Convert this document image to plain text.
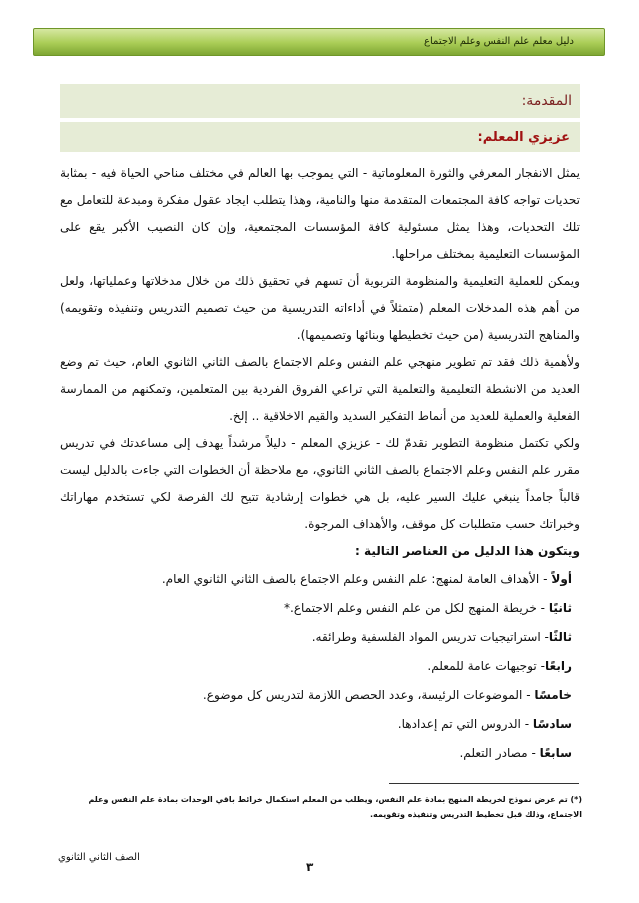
دليل معلم علم النفس وعلم الاجتماع
المقدمة:
عزيزي المعلم:

يمثل الانفجار المعرفي والثورة المعلوماتية - التي يموجب بها العالم في مختلف مناحي الحياة فيه - بمثابة تحديات تواجه كافة المجتمعات المتقدمة منها والنامية، وهذا يتطلب ايجاد عقول مفكرة ومبدعة للتعامل مع تلك التحديات، وهذا يمثل مسئولية كافة المؤسسات المجتمعية، وإن كان النصيب الأكبر يقع على المؤسسات التعليمية بمختلف مراحلها.

ويمكن للعملية التعليمية والمنظومة التربوية أن تسهم في تحقيق ذلك من خلال مدخلاتها وعملياتها، ولعل من أهم هذه المدخلات المعلم (متمثلاً في أداءاته التدريسية من حيث تصميم التدريس وتنفيذه وتقويمه) والمناهج التدريسية (من حيث تخطيطها وبنائها وتصميمها).

ولأهمية ذلك فقد تم تطوير منهجي علم النفس وعلم الاجتماع بالصف الثاني الثانوي العام، حيث تم وضع العديد من الانشطة التعليمية والتعلمية التي تراعي الفروق الفردية بين المتعلمين، وتمكنهم من الممارسة الفعلية والعملية للعديد من أنماط التفكير السديد والقيم الاخلاقية .. إلخ.

ولكي تكتمل منظومة التطوير نقدمّ لك - عزيزي المعلم - دليلاً مرشداً يهدف إلى مساعدتك في تدريس مقرر علم النفس وعلم الاجتماع بالصف الثاني الثانوي، مع ملاحظة أن الخطوات التي جاءت بالدليل ليست قالباً جامداً ينبغي عليك السير عليه، بل هي خطوات إرشادية تتيح لك الفرصة لكي تستخدم مهاراتك وخبراتك حسب متطلبات كل موقف، والأهداف المرجوة.

ويتكون هذا الدليل من العناصر التالية :

أولاً - الأهداف العامة لمنهج: علم النفس وعلم الاجتماع بالصف الثاني الثانوي العام.

ثانيًا - خريطة المنهج لكل من علم النفس وعلم الاجتماع.*

ثالثًا- استراتيجيات تدريس المواد الفلسفية وطرائقه.

رابعًا- توجيهات عامة للمعلم.

خامسًا - الموضوعات الرئيسة، وعدد الحصص اللازمة لتدريس كل موضوع.

سادسًا - الدروس التي تم إعدادها.

سابعًا - مصادر التعلم.

(*) تم عرض نموذج لخريطة المنهج بمادة علم النفس، ويطلب من المعلم استكمال خرائط باقي الوحدات بمادة علم النفس وعلم الاجتماع، وذلك قبل تخطيط التدريس وتنفيذه وتقويمه.
الصف الثاني الثانوي
٣
